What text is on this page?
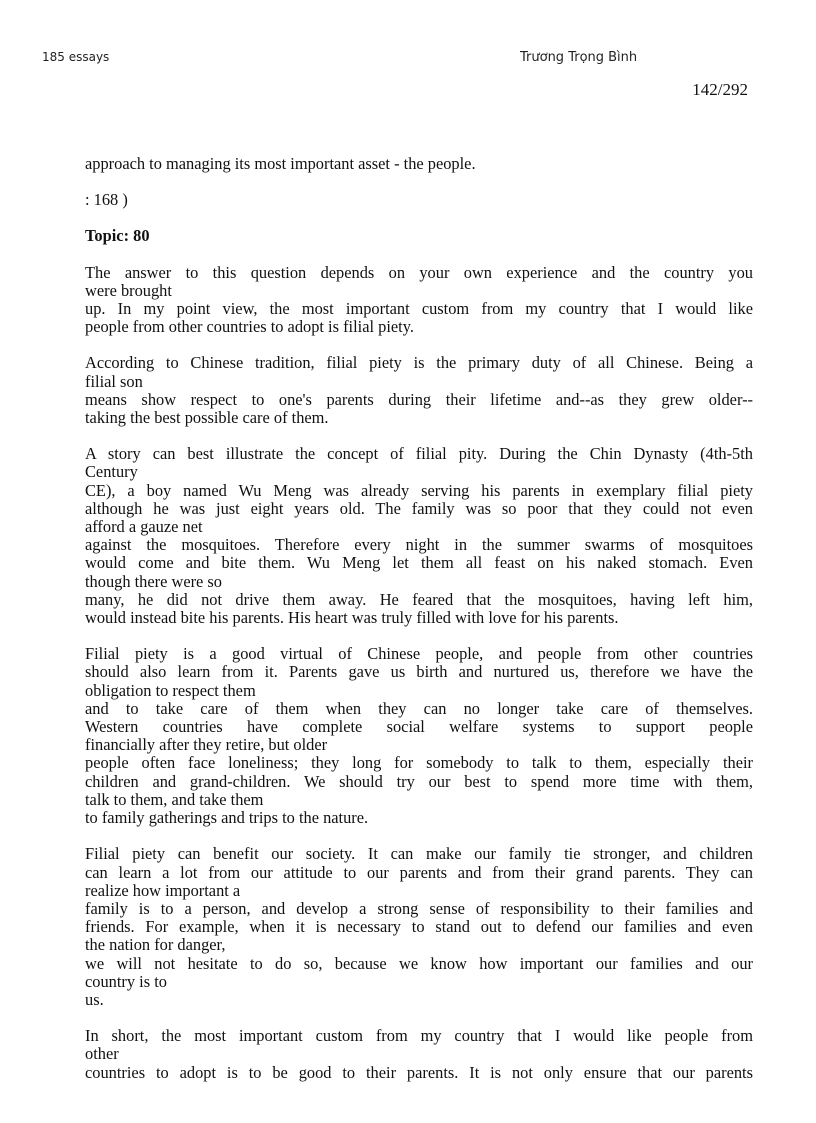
185 essays	Trương Trọng Bình
142/292

approach to managing its most important asset - the people.

: 168 )

Topic: 80

The answer to this question depends on your own experience and the country you
were brought
up. In my point view, the most important custom from my country that I would like
people from other countries to adopt is filial piety.

According to Chinese tradition, filial piety is the primary duty of all Chinese. Being a
filial son
means show respect to one's parents during their lifetime and--as they grew older--
taking the best possible care of them.

A story can best illustrate the concept of filial pity. During the Chin Dynasty (4th-5th
Century
CE), a boy named Wu Meng was already serving his parents in exemplary filial piety
although he was just eight years old. The family was so poor that they could not even
afford a gauze net
against the mosquitoes. Therefore every night in the summer swarms of mosquitoes
would come and bite them. Wu Meng let them all feast on his naked stomach. Even
though there were so
many, he did not drive them away. He feared that the mosquitoes, having left him,
would instead bite his parents. His heart was truly filled with love for his parents.

Filial piety is a good virtual of Chinese people, and people from other countries
should also learn from it. Parents gave us birth and nurtured us, therefore we have the
obligation to respect them
and to take care of them when they can no longer take care of themselves.
Western countries have complete social welfare systems to support people
financially after they retire, but older
people often face loneliness; they long for somebody to talk to them, especially their
children and grand-children. We should try our best to spend more time with them,
talk to them, and take them
to family gatherings and trips to the nature.

Filial piety can benefit our society. It can make our family tie stronger, and children
can learn a lot from our attitude to our parents and from their grand parents. They can
realize how important a
family is to a person, and develop a strong sense of responsibility to their families and
friends. For example, when it is necessary to stand out to defend our families and even
the nation for danger,
we will not hesitate to do so, because we know how important our families and our
country is to
us.

In short, the most important custom from my country that I would like people from
other
countries to adopt is to be good to their parents. It is not only ensure that our parents
